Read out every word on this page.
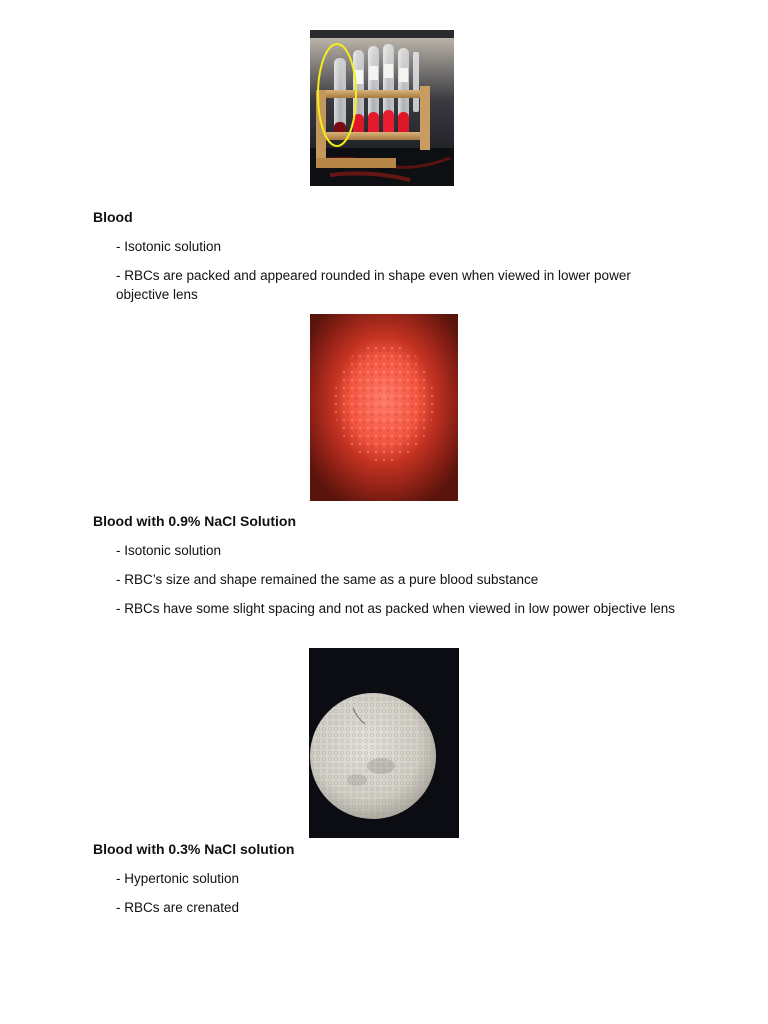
Blood
- Isotonic solution
- RBCs are packed and appeared rounded in shape even when viewed in lower power objective lens
Blood with 0.9% NaCl Solution
- Isotonic solution
- RBC’s size and shape remained the same as a pure blood substance
- RBCs have some slight spacing and not as packed when viewed in low power objective lens
Blood with 0.3% NaCl solution
- Hypertonic solution
- RBCs are crenated
